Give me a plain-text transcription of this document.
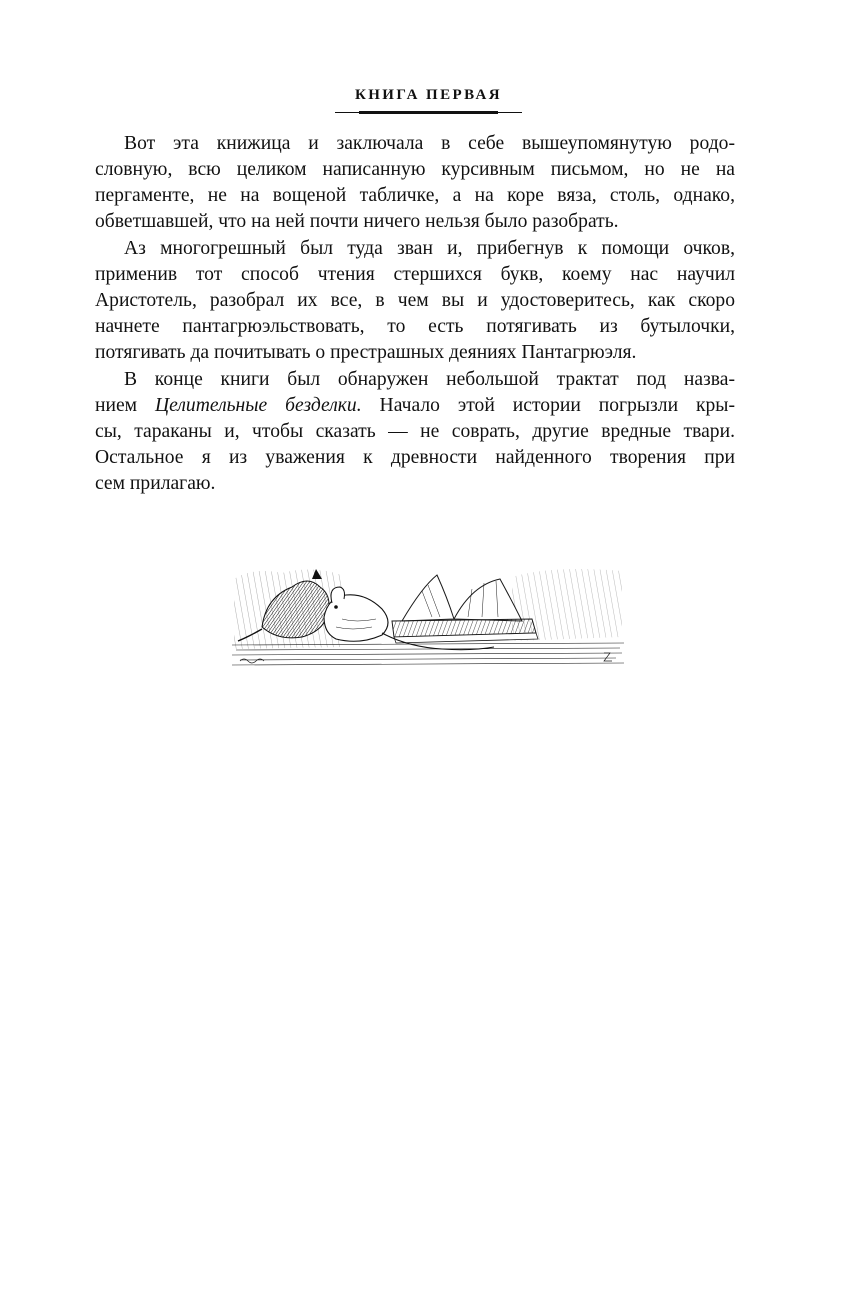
КНИГА ПЕРВАЯ
Вот эта книжица и заключала в себе вышеупомянутую родо-
словную, всю целиком написанную курсивным письмом, но не на
пергаменте, не на вощеной табличке, а на коре вяза, столь, однако,
обветшавшей, что на ней почти ничего нельзя было разобрать.
Аз многогрешный был туда зван и, прибегнув к помощи очков,
применив тот способ чтения стершихся букв, коему нас научил
Аристотель, разобрал их все, в чем вы и удостоверитесь, как скоро
начнете пантагрюэльствовать, то есть потягивать из бутылочки,
потягивать да почитывать о престрашных деяниях Пантагрюэля.
В конце книги был обнаружен небольшой трактат под назва-
нием Целительные безделки. Начало этой истории погрызли кры-
сы, тараканы и, чтобы сказать — не соврать, другие вредные твари.
Остальное я из уважения к древности найденного творения при
сем прилагаю.
